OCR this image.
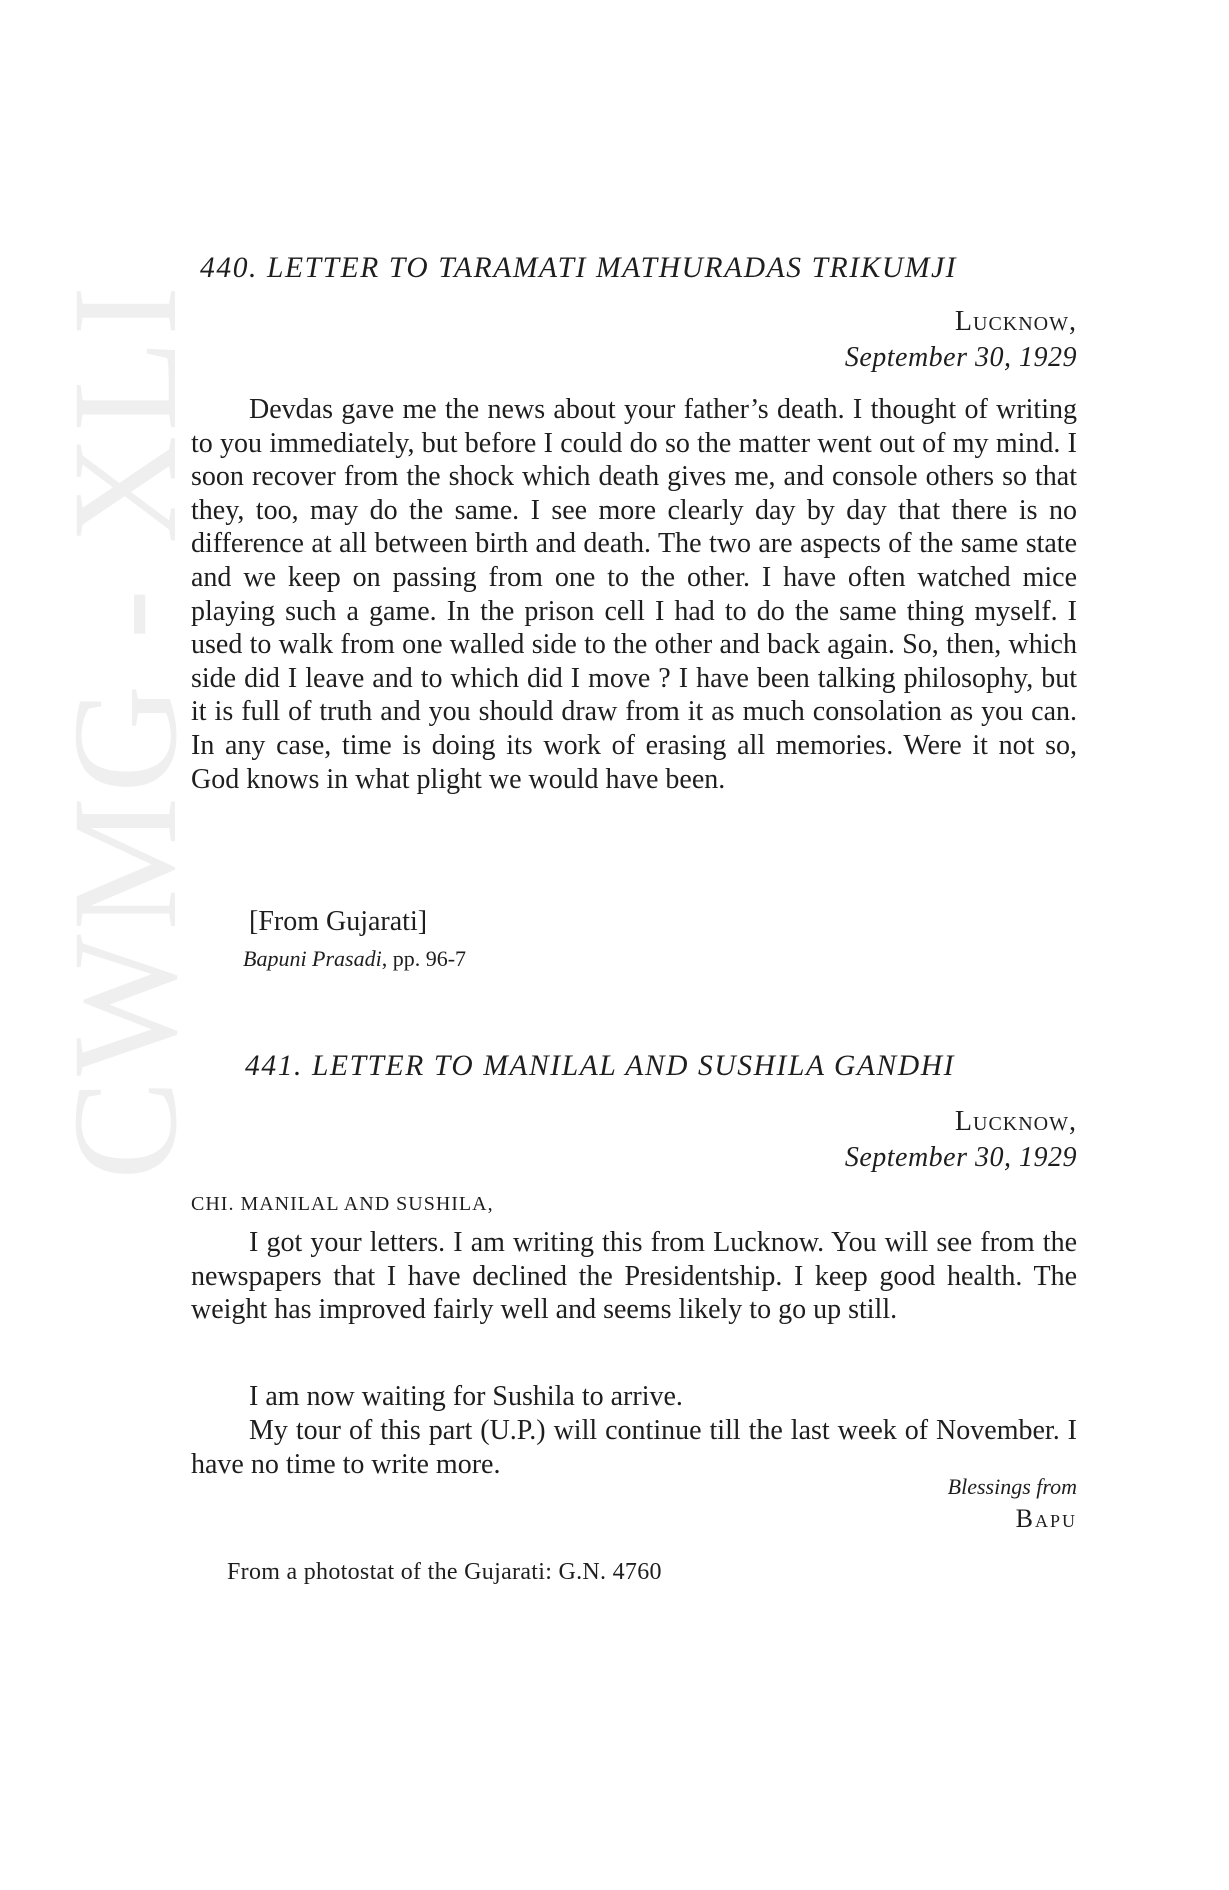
CWMG - XLI
440. LETTER TO TARAMATI MATHURADAS TRIKUMJI
Lucknow,
September 30, 1929

Devdas gave me the news about your father’s death. I thought of writing to you immediately, but before I could do so the matter went out of my mind. I soon recover from the shock which death gives me, and console others so that they, too, may do the same. I see more clearly day by day that there is no difference at all between birth and death. The two are aspects of the same state and we keep on passing from one to the other. I have often watched mice playing such a game. In the prison cell I had to do the same thing myself. I used to walk from one walled side to the other and back again. So, then, which side did I leave and to which did I move ? I have been talking philosophy, but it is full of truth and you should draw from it as much consolation as you can. In any case, time is doing its work of erasing all memories. Were it not so, God knows in what plight we would have been.

[From Gujarati]
Bapuni Prasadi, pp. 96-7
441. LETTER TO MANILAL AND SUSHILA GANDHI
Lucknow,
September 30, 1929
CHI. MANILAL AND SUSHILA,

I got your letters. I am writing this from Lucknow. You will see from the newspapers that I have declined the Presidentship. I keep good health. The weight has improved fairly well and seems likely to go up still.

I am now waiting for Sushila to arrive.

My tour of this part (U.P.) will continue till the last week of November. I have no time to write more.

Blessings from
Bapu
From a photostat of the Gujarati: G.N. 4760
